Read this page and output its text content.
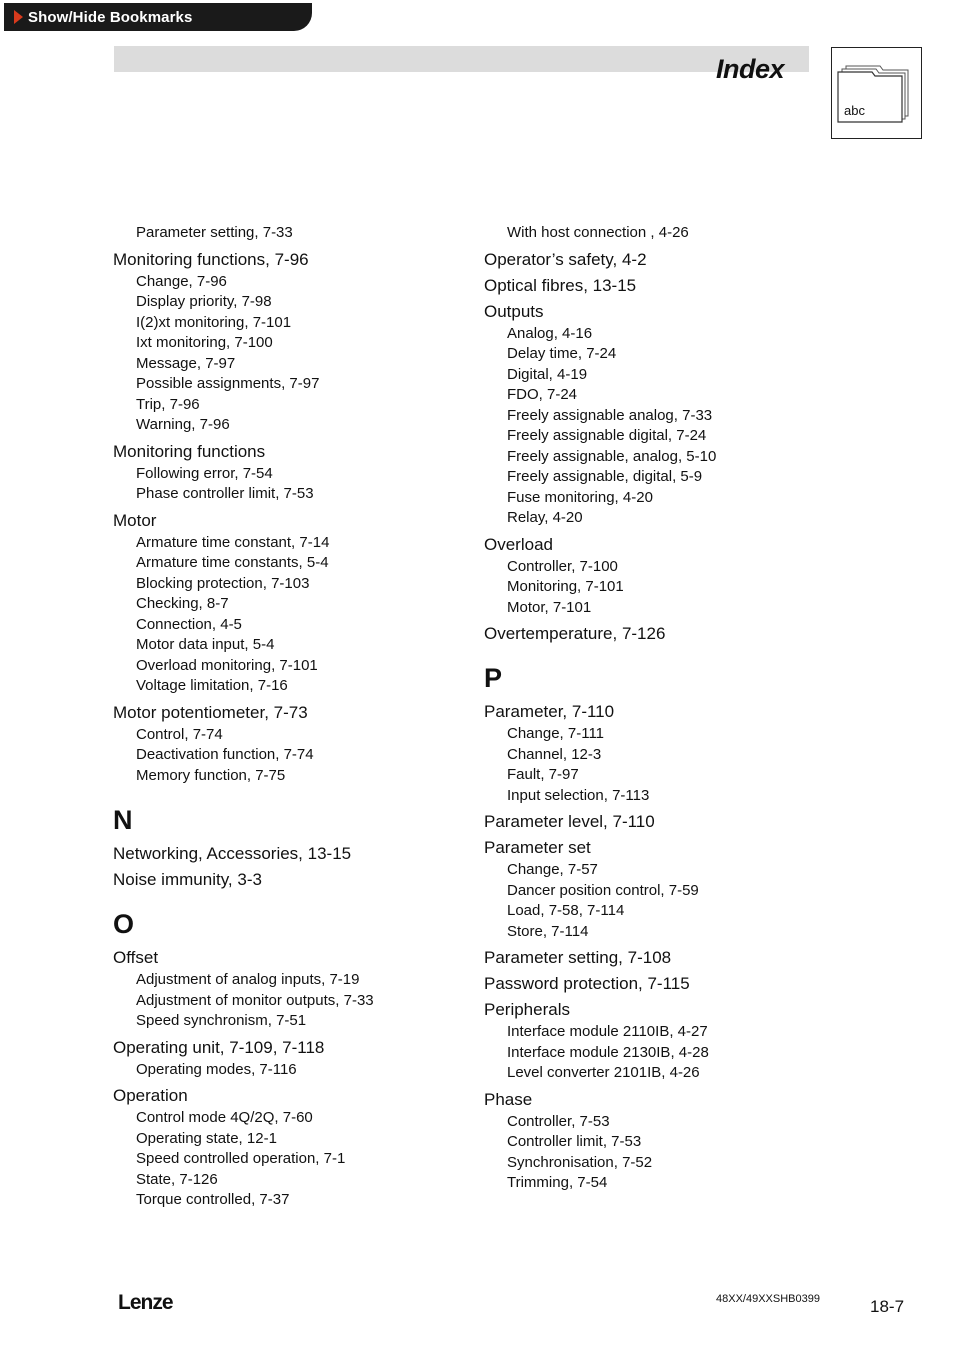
Show/Hide Bookmarks
Index
abc
Parameter setting, 7-33
Monitoring functions, 7-96
Change, 7-96
Display priority, 7-98
I(2)xt monitoring, 7-101
Ixt monitoring, 7-100
Message, 7-97
Possible assignments, 7-97
Trip, 7-96
Warning, 7-96
Monitoring functions
Following error, 7-54
Phase controller limit, 7-53
Motor
Armature time constant, 7-14
Armature time constants, 5-4
Blocking protection, 7-103
Checking, 8-7
Connection, 4-5
Motor data input, 5-4
Overload monitoring, 7-101
Voltage limitation, 7-16
Motor potentiometer, 7-73
Control, 7-74
Deactivation function, 7-74
Memory function, 7-75
N
Networking, Accessories, 13-15
Noise immunity, 3-3
O
Offset
Adjustment of analog inputs, 7-19
Adjustment of monitor outputs, 7-33
Speed synchronism, 7-51
Operating unit, 7-109, 7-118
Operating modes, 7-116
Operation
Control mode 4Q/2Q, 7-60
Operating state, 12-1
Speed controlled operation, 7-1
State, 7-126
Torque controlled, 7-37
With host connection , 4-26
Operator’s safety, 4-2
Optical fibres, 13-15
Outputs
Analog, 4-16
Delay time, 7-24
Digital, 4-19
FDO, 7-24
Freely assignable analog, 7-33
Freely assignable digital, 7-24
Freely assignable, analog, 5-10
Freely assignable, digital, 5-9
Fuse monitoring, 4-20
Relay, 4-20
Overload
Controller, 7-100
Monitoring, 7-101
Motor, 7-101
Overtemperature, 7-126
P
Parameter, 7-110
Change, 7-111
Channel, 12-3
Fault, 7-97
Input selection, 7-113
Parameter level, 7-110
Parameter set
Change, 7-57
Dancer position control, 7-59
Load, 7-58, 7-114
Store, 7-114
Parameter setting, 7-108
Password protection, 7-115
Peripherals
Interface module 2110IB, 4-27
Interface module 2130IB, 4-28
Level converter 2101IB, 4-26
Phase
Controller, 7-53
Controller limit, 7-53
Synchronisation, 7-52
Trimming, 7-54
Lenze	48XX/49XXSHB0399	18-7
